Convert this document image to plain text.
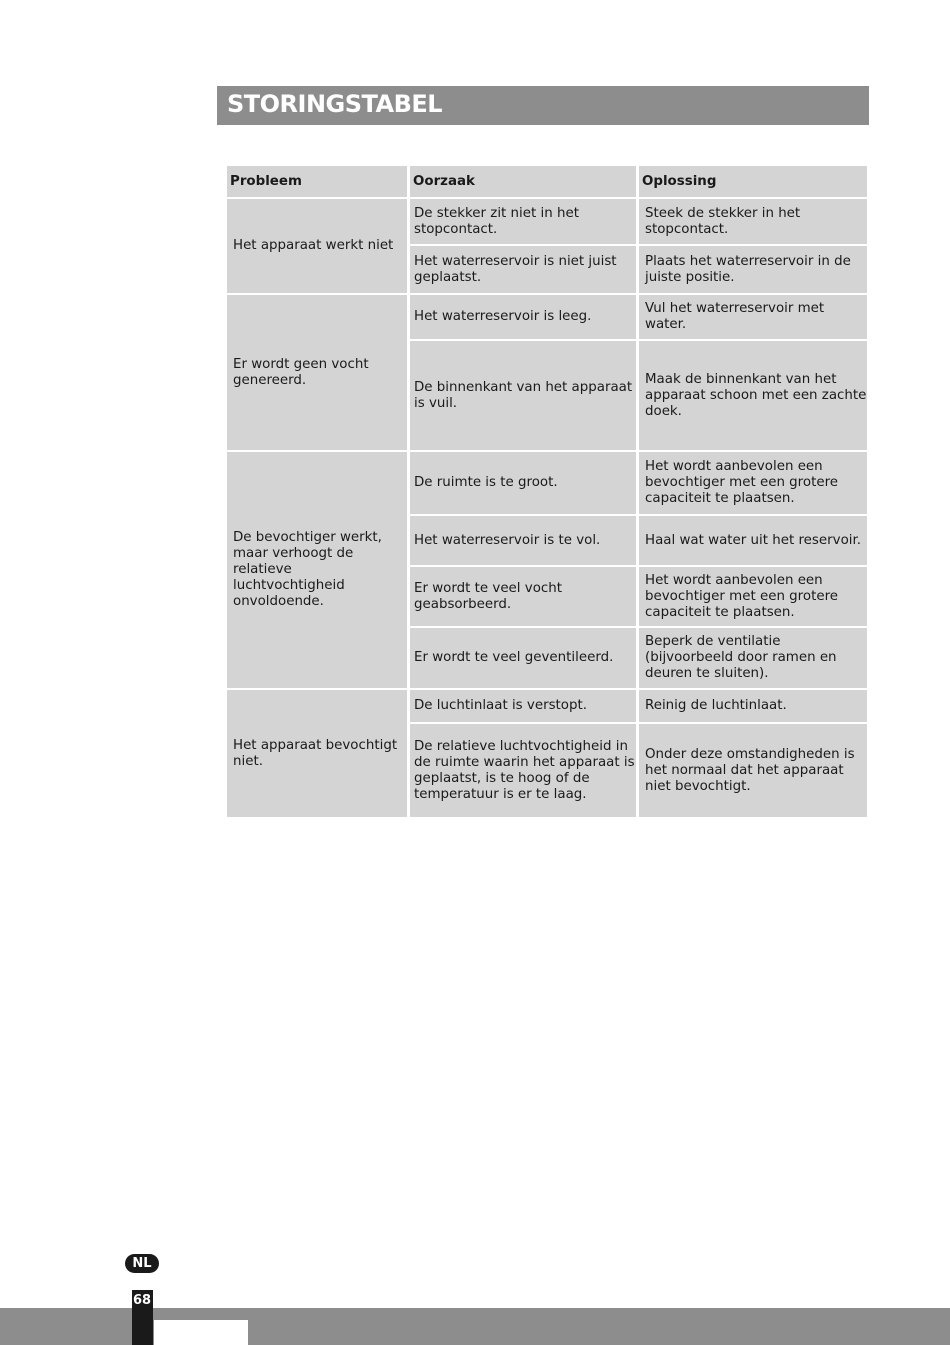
STORINGSTABEL
Probleem	Oorzaak	Oplossing
Het apparaat werkt niet	De stekker zit niet in het stopcontact.	Steek de stekker in het stopcontact.
	Het waterreservoir is niet juist geplaatst.	Plaats het waterreservoir in de juiste positie.
Er wordt geen vocht genereerd.	Het waterreservoir is leeg.	Vul het waterreservoir met water.
	De binnenkant van het apparaat is vuil.	Maak de binnenkant van het apparaat schoon met een zachte doek.
De bevochtiger werkt, maar verhoogt de relatieve luchtvochtigheid onvoldoende.	De ruimte is te groot.	Het wordt aanbevolen een bevochtiger met een grotere capaciteit te plaatsen.
	Het waterreservoir is te vol.	Haal wat water uit het reservoir.
	Er wordt te veel vocht geabsorbeerd.	Het wordt aanbevolen een bevochtiger met een grotere capaciteit te plaatsen.
	Er wordt te veel geventileerd.	Beperk de ventilatie (bijvoorbeeld door ramen en deuren te sluiten).
Het apparaat bevochtigt niet.	De luchtinlaat is verstopt.	Reinig de luchtinlaat.
	De relatieve luchtvochtigheid in de ruimte waarin het apparaat is geplaatst, is te hoog of de temperatuur is er te laag.	Onder deze omstandigheden is het normaal dat het apparaat niet bevochtigt.
NL
68
